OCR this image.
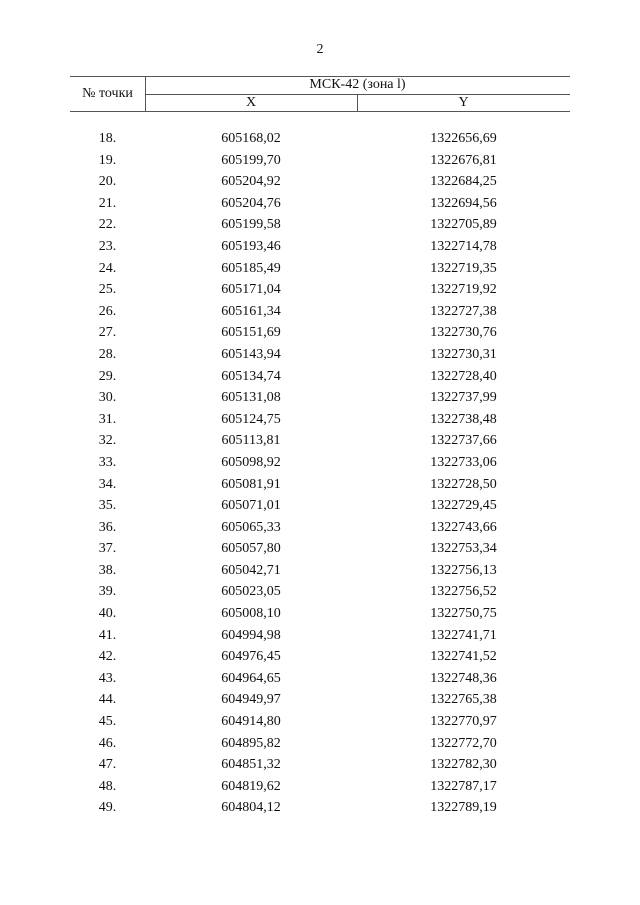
2
№ точки
МСК-42 (зона l)
X	Y
18.	605168,02	1322656,69
19.	605199,70	1322676,81
20.	605204,92	1322684,25
21.	605204,76	1322694,56
22.	605199,58	1322705,89
23.	605193,46	1322714,78
24.	605185,49	1322719,35
25.	605171,04	1322719,92
26.	605161,34	1322727,38
27.	605151,69	1322730,76
28.	605143,94	1322730,31
29.	605134,74	1322728,40
30.	605131,08	1322737,99
31.	605124,75	1322738,48
32.	605113,81	1322737,66
33.	605098,92	1322733,06
34.	605081,91	1322728,50
35.	605071,01	1322729,45
36.	605065,33	1322743,66
37.	605057,80	1322753,34
38.	605042,71	1322756,13
39.	605023,05	1322756,52
40.	605008,10	1322750,75
41.	604994,98	1322741,71
42.	604976,45	1322741,52
43.	604964,65	1322748,36
44.	604949,97	1322765,38
45.	604914,80	1322770,97
46.	604895,82	1322772,70
47.	604851,32	1322782,30
48.	604819,62	1322787,17
49.	604804,12	1322789,19
